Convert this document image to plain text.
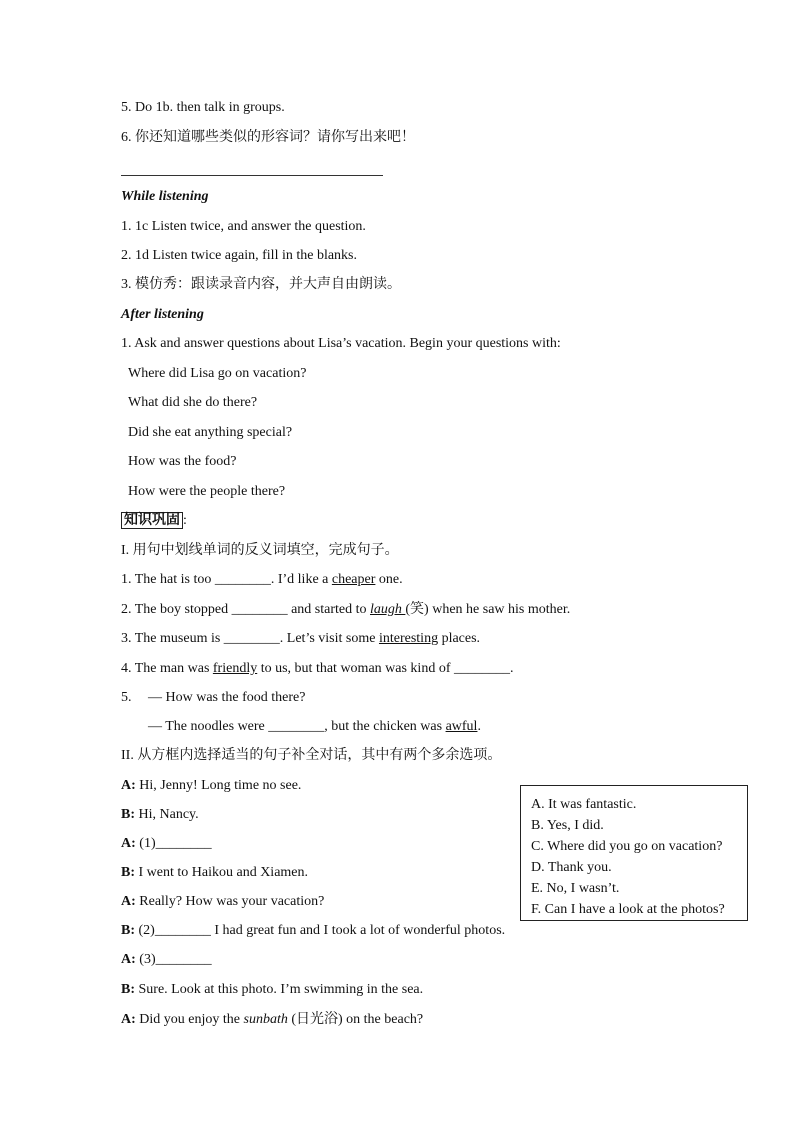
5. Do 1b. then talk in groups.
6. 你还知道哪些类似的形容词？请你写出来吧！
While listening
1. 1c Listen twice, and answer the question.
2. 1d Listen twice again, fill in the blanks.
3. 模仿秀：跟读录音内容，并大声自由朗读。
After listening
1. Ask and answer questions about Lisa’s vacation. Begin your questions with:
Where did Lisa go on vacation?
What did she do there?
Did she eat anything special?
How was the food?
How were the people there?
知识巩固 :
I. 用句中划线单词的反义词填空，完成句子。
1. The hat is too ________. I’d like a cheaper one.
2. The boy stopped ________ and started to laugh (笑) when he saw his mother.
3. The museum is ________. Let’s visit some interesting places.
4. The man was friendly to us, but that woman was kind of ________.
5. — How was the food there?
— The noodles were ________, but the chicken was awful.
II. 从方框内选择适当的句子补全对话，其中有两个多余选项。
A: Hi, Jenny! Long time no see.
B: Hi, Nancy.
A: (1)________
B: I went to Haikou and Xiamen.
A: Really? How was your vacation?
B: (2)________ I had great fun and I took a lot of wonderful photos.
A: (3)________
B: Sure. Look at this photo. I’m swimming in the sea.
A: Did you enjoy the sunbath (日光浴) on the beach?
A. It was fantastic.
B. Yes, I did.
C. Where did you go on vacation?
D. Thank you.
E. No, I wasn’t.
F. Can I have a look at the photos?
